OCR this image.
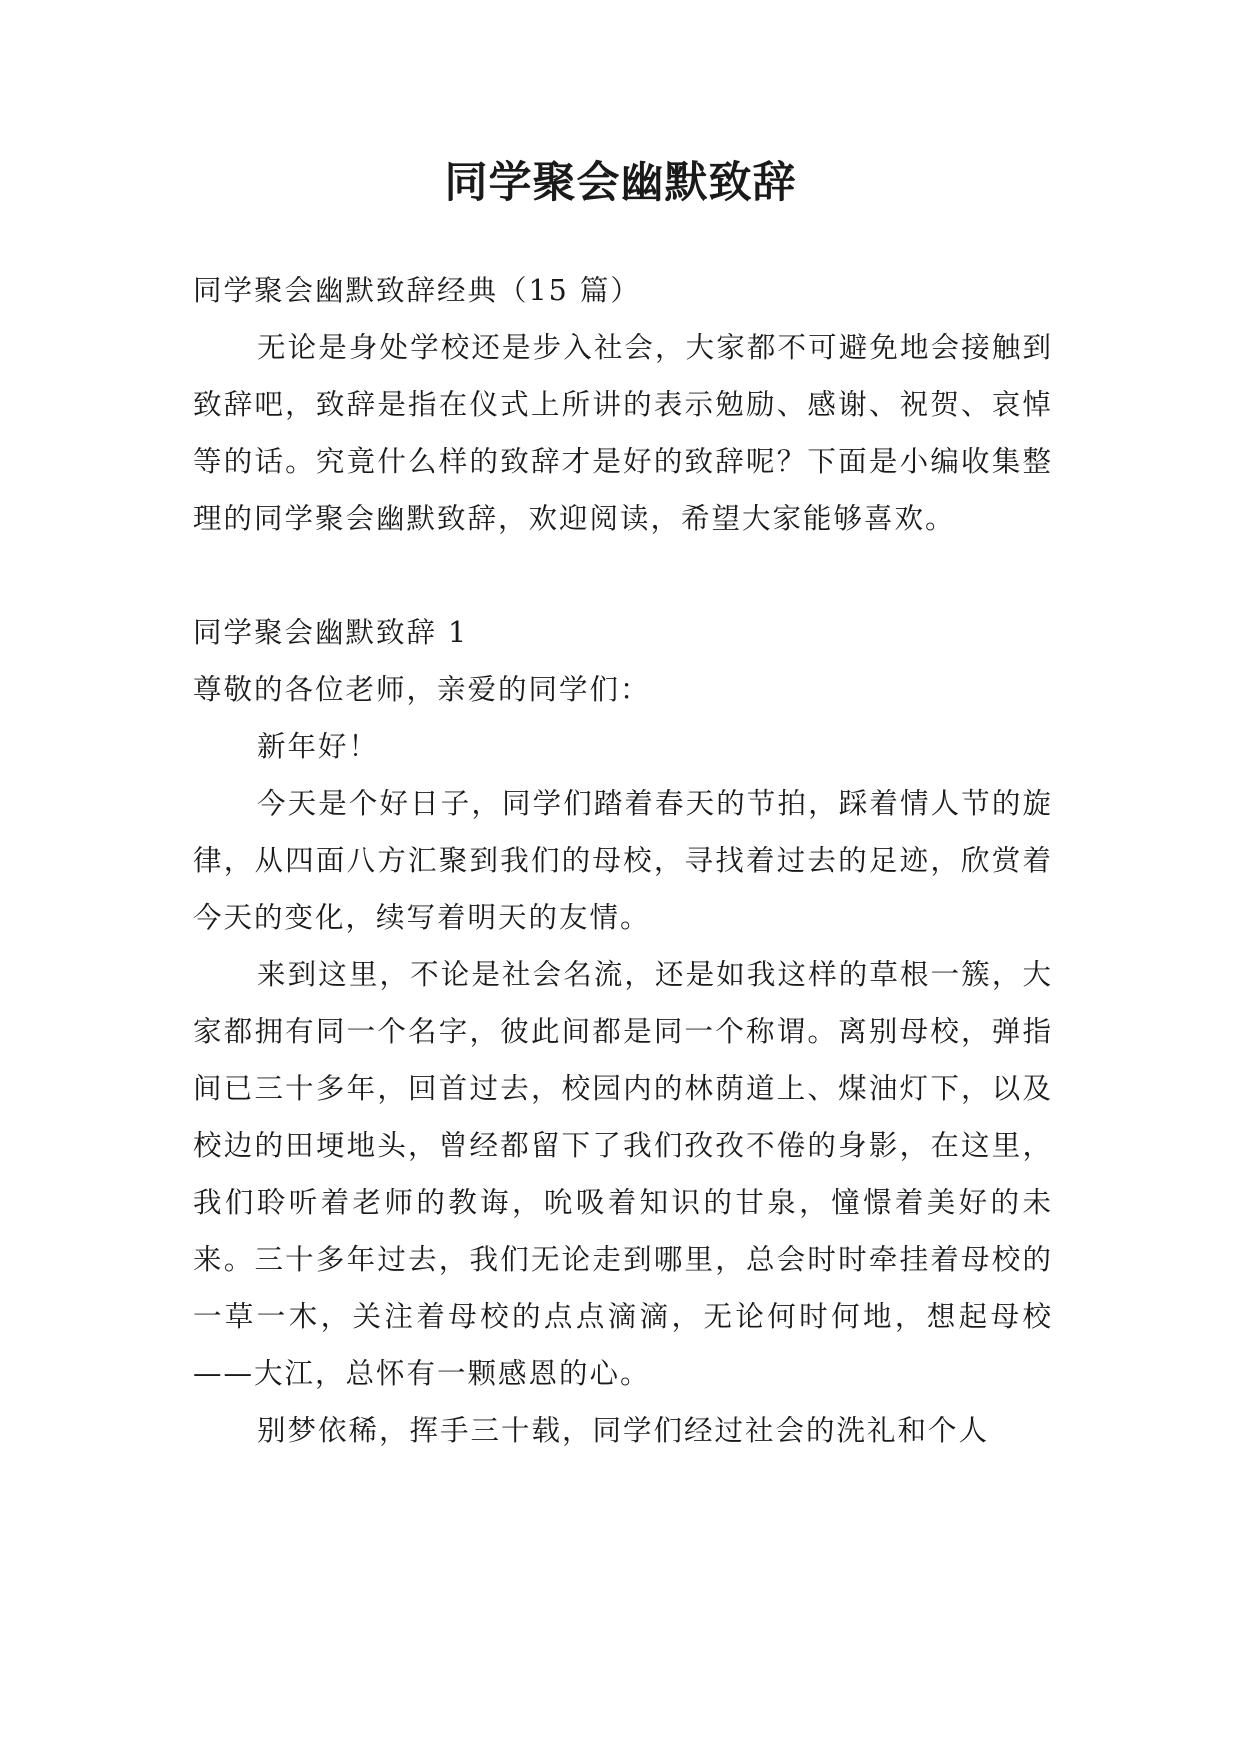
同学聚会幽默致辞

同学聚会幽默致辞经典（15 篇）

无论是身处学校还是步入社会，大家都不可避免地会接触到致辞吧，致辞是指在仪式上所讲的表示勉励、感谢、祝贺、哀悼等的话。究竟什么样的致辞才是好的致辞呢？下面是小编收集整理的同学聚会幽默致辞，欢迎阅读，希望大家能够喜欢。

同学聚会幽默致辞 1

尊敬的各位老师，亲爱的同学们：

新年好！

今天是个好日子，同学们踏着春天的节拍，踩着情人节的旋律，从四面八方汇聚到我们的母校，寻找着过去的足迹，欣赏着今天的变化，续写着明天的友情。

来到这里，不论是社会名流，还是如我这样的草根一簇，大家都拥有同一个名字，彼此间都是同一个称谓。离别母校，弹指间已三十多年，回首过去，校园内的林荫道上、煤油灯下，以及校边的田埂地头，曾经都留下了我们孜孜不倦的身影，在这里，我们聆听着老师的教诲，吮吸着知识的甘泉，憧憬着美好的未来。三十多年过去，我们无论走到哪里，总会时时牵挂着母校的一草一木，关注着母校的点点滴滴，无论何时何地，想起母校——大江，总怀有一颗感恩的心。

别梦依稀，挥手三十载，同学们经过社会的洗礼和个人
